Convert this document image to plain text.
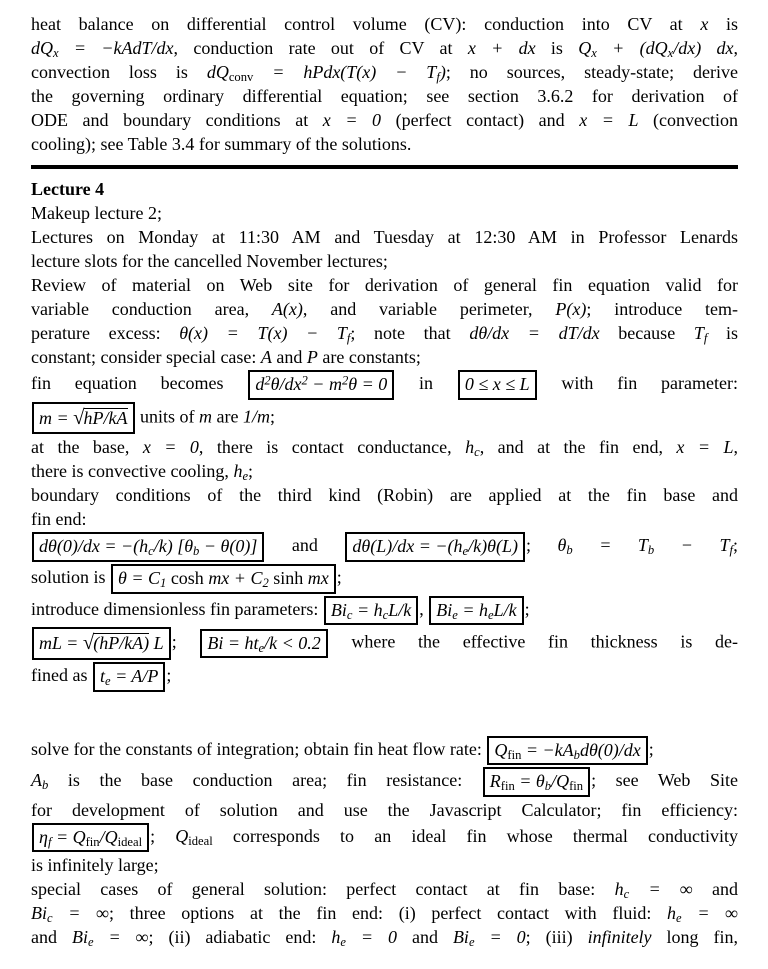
heat balance on differential control volume (CV): conduction into CV at x is
$dQ_x$ = −kAdT/dx, conduction rate out of CV at x + dx is $Q_x + (dQ_x/dx)$ dx,
convection loss is $dQ_{conv}$ = hPdx(T(x) − $T_f$); no sources, steady-state; derive
the governing ordinary differential equation; see section 3.6.2 for derivation of
ODE and boundary conditions at x = 0 (perfect contact) and x = L (convection
cooling); see Table 3.4 for summary of the solutions.
Lecture 4
Makeup lecture 2;
Lectures on Monday at 11:30 AM and Tuesday at 12:30 AM in Professor Lenards
lecture slots for the cancelled November lectures;
Review of material on Web site for derivation of general fin equation valid for
variable conduction area, A(x), and variable perimeter, P(x); introduce tem-
perature excess: $\theta(x) = T(x) - T_f$; note that dθ/dx = dT/dx because $T_f$ is
constant; consider special case: A and P are constants;
fin equation becomes $d^2\theta/dx^2 - m^2\theta = 0$ in 0 ≤ x ≤ L with fin parameter:
m = √hP/kA units of m are 1/m;
at the base, x = 0, there is contact conductance, $h_c$, and at the fin end, x = L,
there is convective cooling, $h_e$;
boundary conditions of the third kind (Robin) are applied at the fin base and
fin end:
$d\theta(0)/dx = -(h_c/k) [\theta_b - \theta(0)]$ and $d\theta(L)/dx = -(h_e/k)\theta(L)$ ; $\theta_b = T_b - T_f$;
solution is $\theta = C_1$ cosh mx + $C_2$ sinh mx ;
introduce dimensionless fin parameters: $Bi_c = h_cL/k$ , $Bi_e = h_eL/k$ ;
mL = √(hP/kA) L ; $Bi = ht_e/k < 0.2$ where the effective fin thickness is de-
fined as $t_e = A/P$ ;
solve for the constants of integration; obtain fin heat flow rate: $Q_{fin} = -kA_bd\theta(0)/dx$ ;
$A_b$ is the base conduction area; fin resistance: $R_{fin} = \theta_b/Q_{fin}$ ; see Web Site
for development of solution and use the Javascript Calculator; fin efficiency:
$\eta_f = Q_{fin}/Q_{ideal}$ ; $Q_{ideal}$ corresponds to an ideal fin whose thermal conductivity
is infinitely large;
special cases of general solution: perfect contact at fin base: $h_c$ = ∞ and
$Bi_c$ = ∞; three options at the fin end: (i) perfect contact with fluid: $h_e$ = ∞
and $Bi_e$ = ∞; (ii) adiabatic end: $h_e = 0$ and $Bi_e = 0$; (iii) infinitely long fin,
